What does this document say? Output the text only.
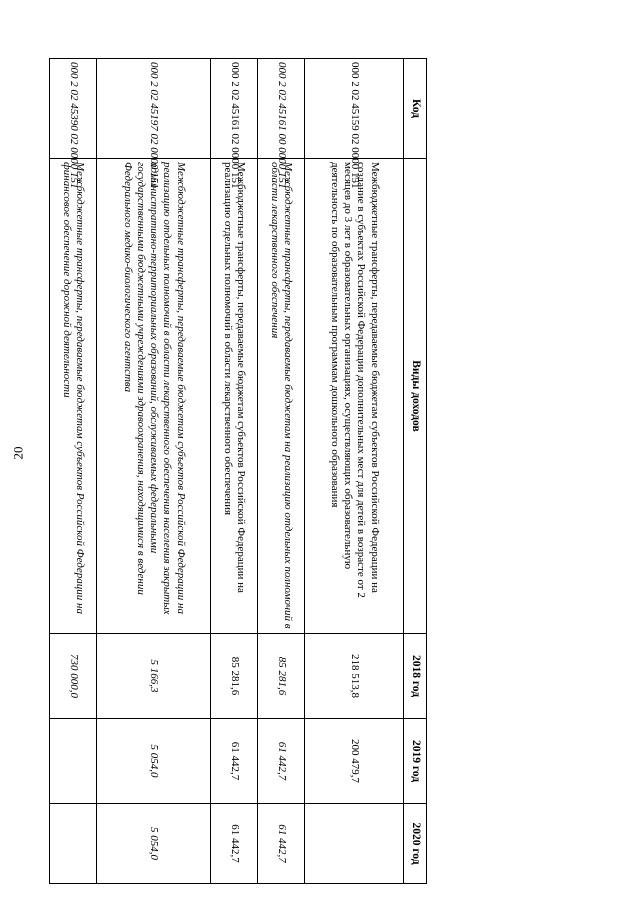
20
Код	Виды доходов	2018 год	2019 год	2020 год
000 2 02 45159 02 0000 151	Межбюджетные трансферты, передаваемые бюджетам субъектов Российской Федерации на создание в субъектах Российской Федерации дополнительных мест для детей в возрасте от 2 месяцев до 3 лет в образовательных организациях, осуществляющих образовательную деятельность по образовательным программам дошкольного образования	218 513,8	200 479,7	
000 2 02 45161 00 0000 151	Межбюджетные трансферты, передаваемые бюджетам на реализацию отдельных полномочий в области лекарственного обеспечения	85 281,6	61 442,7	61 442,7
000 2 02 45161 02 0000 151	Межбюджетные трансферты, передаваемые бюджетам субъектов Российской Федерации на реализацию отдельных полномочий в области лекарственного обеспечения	85 281,6	61 442,7	61 442,7
000 2 02 45197 02 0000 151	Межбюджетные трансферты, передаваемые бюджетам субъектов Российской Федерации на реализацию отдельных полномочий в области лекарственного обеспечения населения закрытых административно-территориальных образований, обслуживаемых федеральными государственными бюджетными учреждениями здравоохранения, находящимися в ведении Федерального медико-биологического агентства	5 166,3	5 054,0	5 054,0
000 2 02 45390 02 0000 151	Межбюджетные трансферты, передаваемые бюджетам субъектов Российской Федерации на финансовое обеспечение дорожной деятельности	730 000,0		
